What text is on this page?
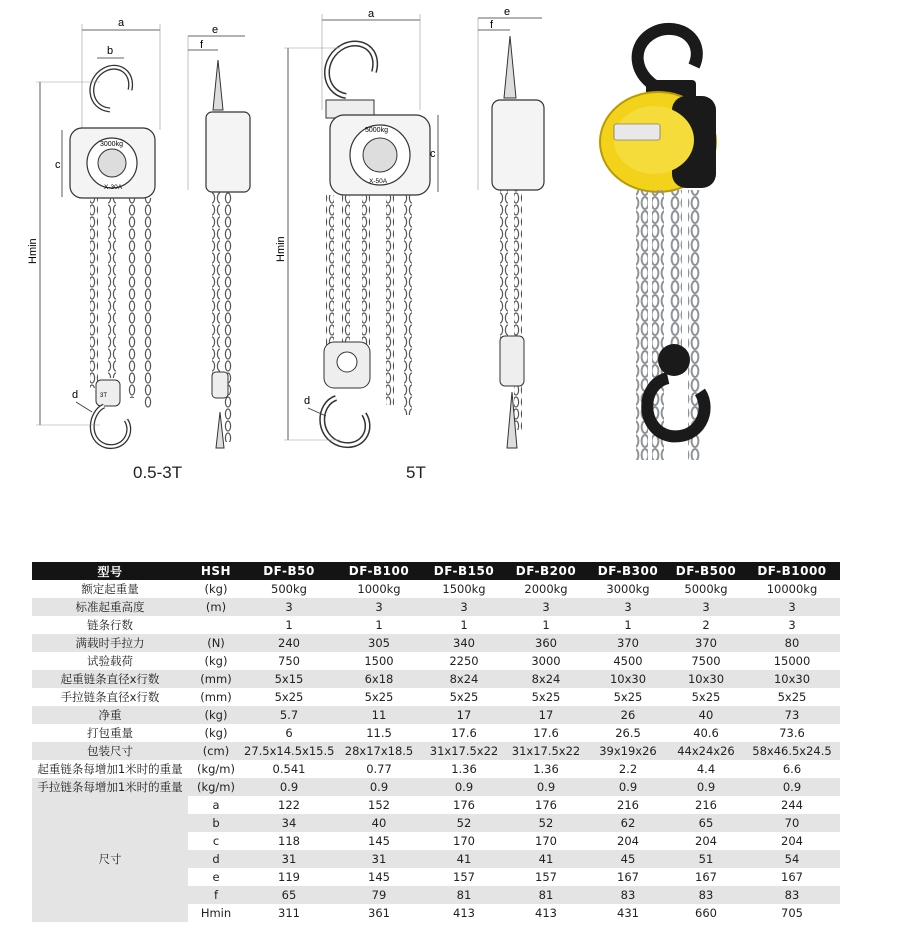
a
b
3000kg
X-30A
c
3T
d
Hmin
e
f
a
5000kg
X-50A
c
d
Hmin
e
f
0.5-3T	5T
型号	HSH	DF-B50	DF-B100	DF-B150	DF-B200	DF-B300	DF-B500	DF-B1000
额定起重量	(kg)	500kg	1000kg	1500kg	2000kg	3000kg	5000kg	10000kg
标准起重高度	(m)	3	3	3	3	3	3	3
链条行数		1	1	1	1	1	2	3
满载时手拉力	(N)	240	305	340	360	370	370	80
试验载荷	(kg)	750	1500	2250	3000	4500	7500	15000
起重链条直径x行数	(mm)	5x15	6x18	8x24	8x24	10x30	10x30	10x30
手拉链条直径x行数	(mm)	5x25	5x25	5x25	5x25	5x25	5x25	5x25
净重	(kg)	5.7	11	17	17	26	40	73
打包重量	(kg)	6	11.5	17.6	17.6	26.5	40.6	73.6
包装尺寸	(cm)	27.5x14.5x15.5	28x17x18.5	31x17.5x22	31x17.5x22	39x19x26	44x24x26	58x46.5x24.5
起重链条每增加1米时的重量	(kg/m)	0.541	0.77	1.36	1.36	2.2	4.4	6.6
手拉链条每增加1米时的重量	(kg/m)	0.9	0.9	0.9	0.9	0.9	0.9	0.9
尺寸	a	122	152	176	176	216	216	244
	b	34	40	52	52	62	65	70
	c	118	145	170	170	204	204	204
	d	31	31	41	41	45	51	54
	e	119	145	157	157	167	167	167
	f	65	79	81	81	83	83	83
	Hmin	311	361	413	413	431	660	705
